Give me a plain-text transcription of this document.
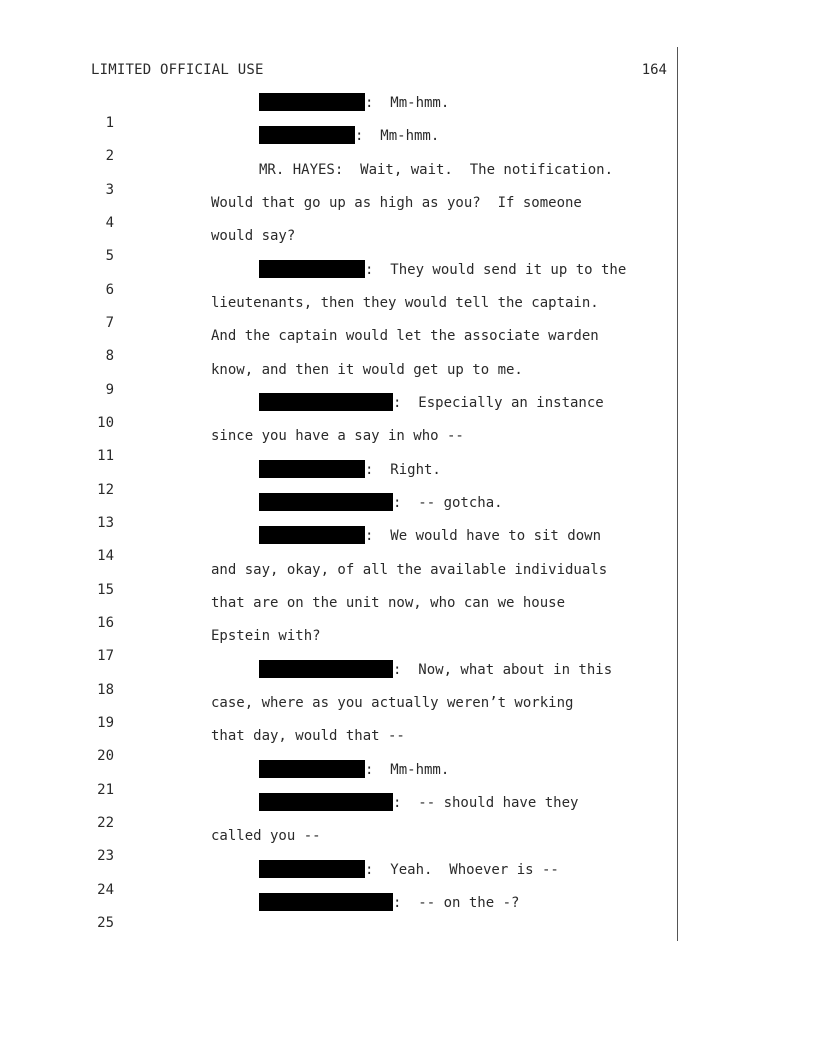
LIMITED OFFICIAL USE	164

1

:  Mm-hmm.

2

:  Mm-hmm.

3

MR. HAYES:  Wait, wait.  The notification.

4

Would that go up as high as you?  If someone

5

would say?

6

:  They would send it up to the

7

lieutenants, then they would tell the captain.

8

And the captain would let the associate warden

9

know, and then it would get up to me.

10

:  Especially an instance

11

since you have a say in who --

12

:  Right.

13

:  -- gotcha.

14

:  We would have to sit down

15

and say, okay, of all the available individuals

16

that are on the unit now, who can we house

17

Epstein with?

18

:  Now, what about in this

19

case, where as you actually weren’t working

20

that day, would that --

21

:  Mm-hmm.

22

:  -- should have they

23

called you --

24

:  Yeah.  Whoever is --

25

:  -- on the -?
